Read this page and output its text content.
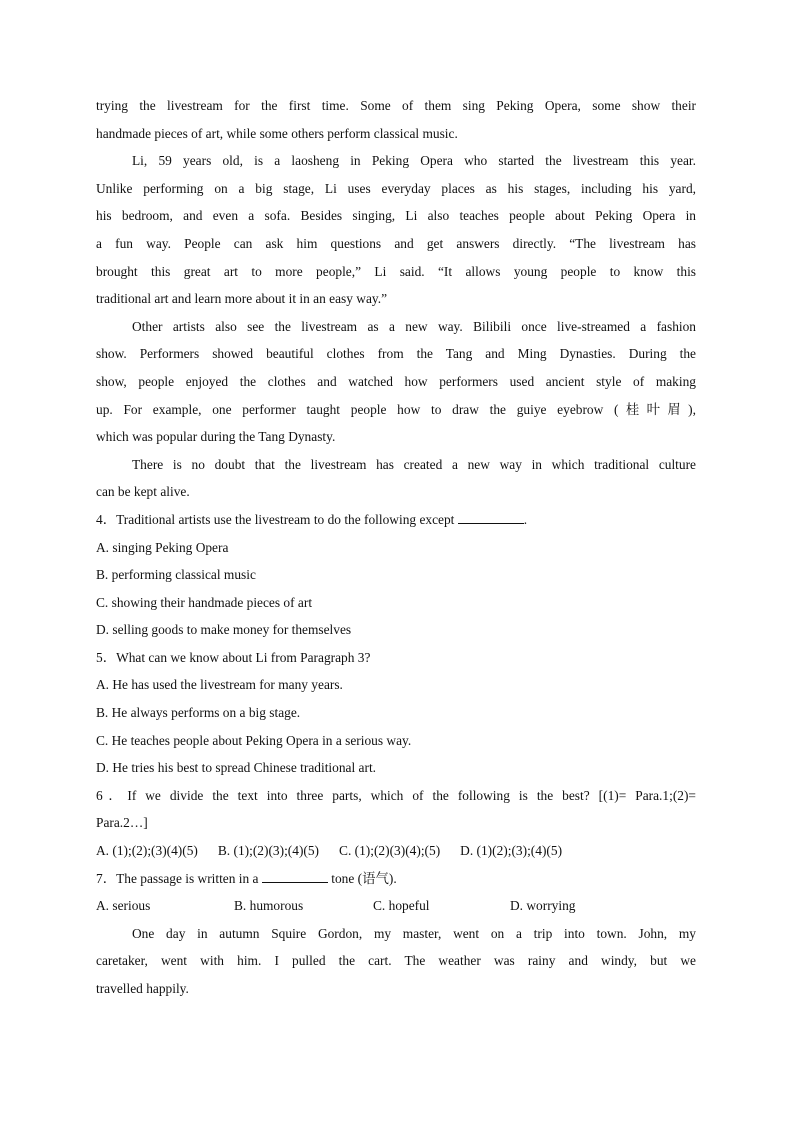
trying the livestream for the first time. Some of them sing Peking Opera, some show their
handmade pieces of art, while some others perform classical music.
Li, 59 years old, is a laosheng in Peking Opera who started the livestream this year.
Unlike performing on a big stage, Li uses everyday places as his stages, including his yard,
his bedroom, and even a sofa. Besides singing, Li also teaches people about Peking Opera in
a fun way. People can ask him questions and get answers directly. “The livestream has
brought this great art to more people,” Li said. “It allows young people to know this
traditional art and learn more about it in an easy way.”
Other artists also see the livestream as a new way. Bilibili once live-streamed a fashion
show. Performers showed beautiful clothes from the Tang and Ming Dynasties. During the
show, people enjoyed the clothes and watched how performers used ancient style of making
up. For example, one performer taught people how to draw the guiye eyebrow (桂叶眉),
which was popular during the Tang Dynasty.
There is no doubt that the livestream has created a new way in which traditional culture
can be kept alive.
4．Traditional artists use the livestream to do the following except	.
A. singing Peking Opera
B. performing classical music
C. showing their handmade pieces of art
D. selling goods to make money for themselves
5．What can we know about Li from Paragraph 3?
A. He has used the livestream for many years.
B. He always performs on a big stage.
C. He teaches people about Peking Opera in a serious way.
D. He tries his best to spread Chinese traditional art.
6．If we divide the text into three parts, which of the following is the best? [(1)= Para.1;(2)=
Para.2…]
A. (1);(2);(3)(4)(5) B. (1);(2)(3);(4)(5) C. (1);(2)(3)(4);(5) D. (1)(2);(3);(4)(5)
7．The passage is written in a	tone (语气).
A. serious	B. humorous	C. hopeful	D. worrying
One day in autumn Squire Gordon, my master, went on a trip into town. John, my
caretaker, went with him. I pulled the cart. The weather was rainy and windy, but we
travelled happily.
